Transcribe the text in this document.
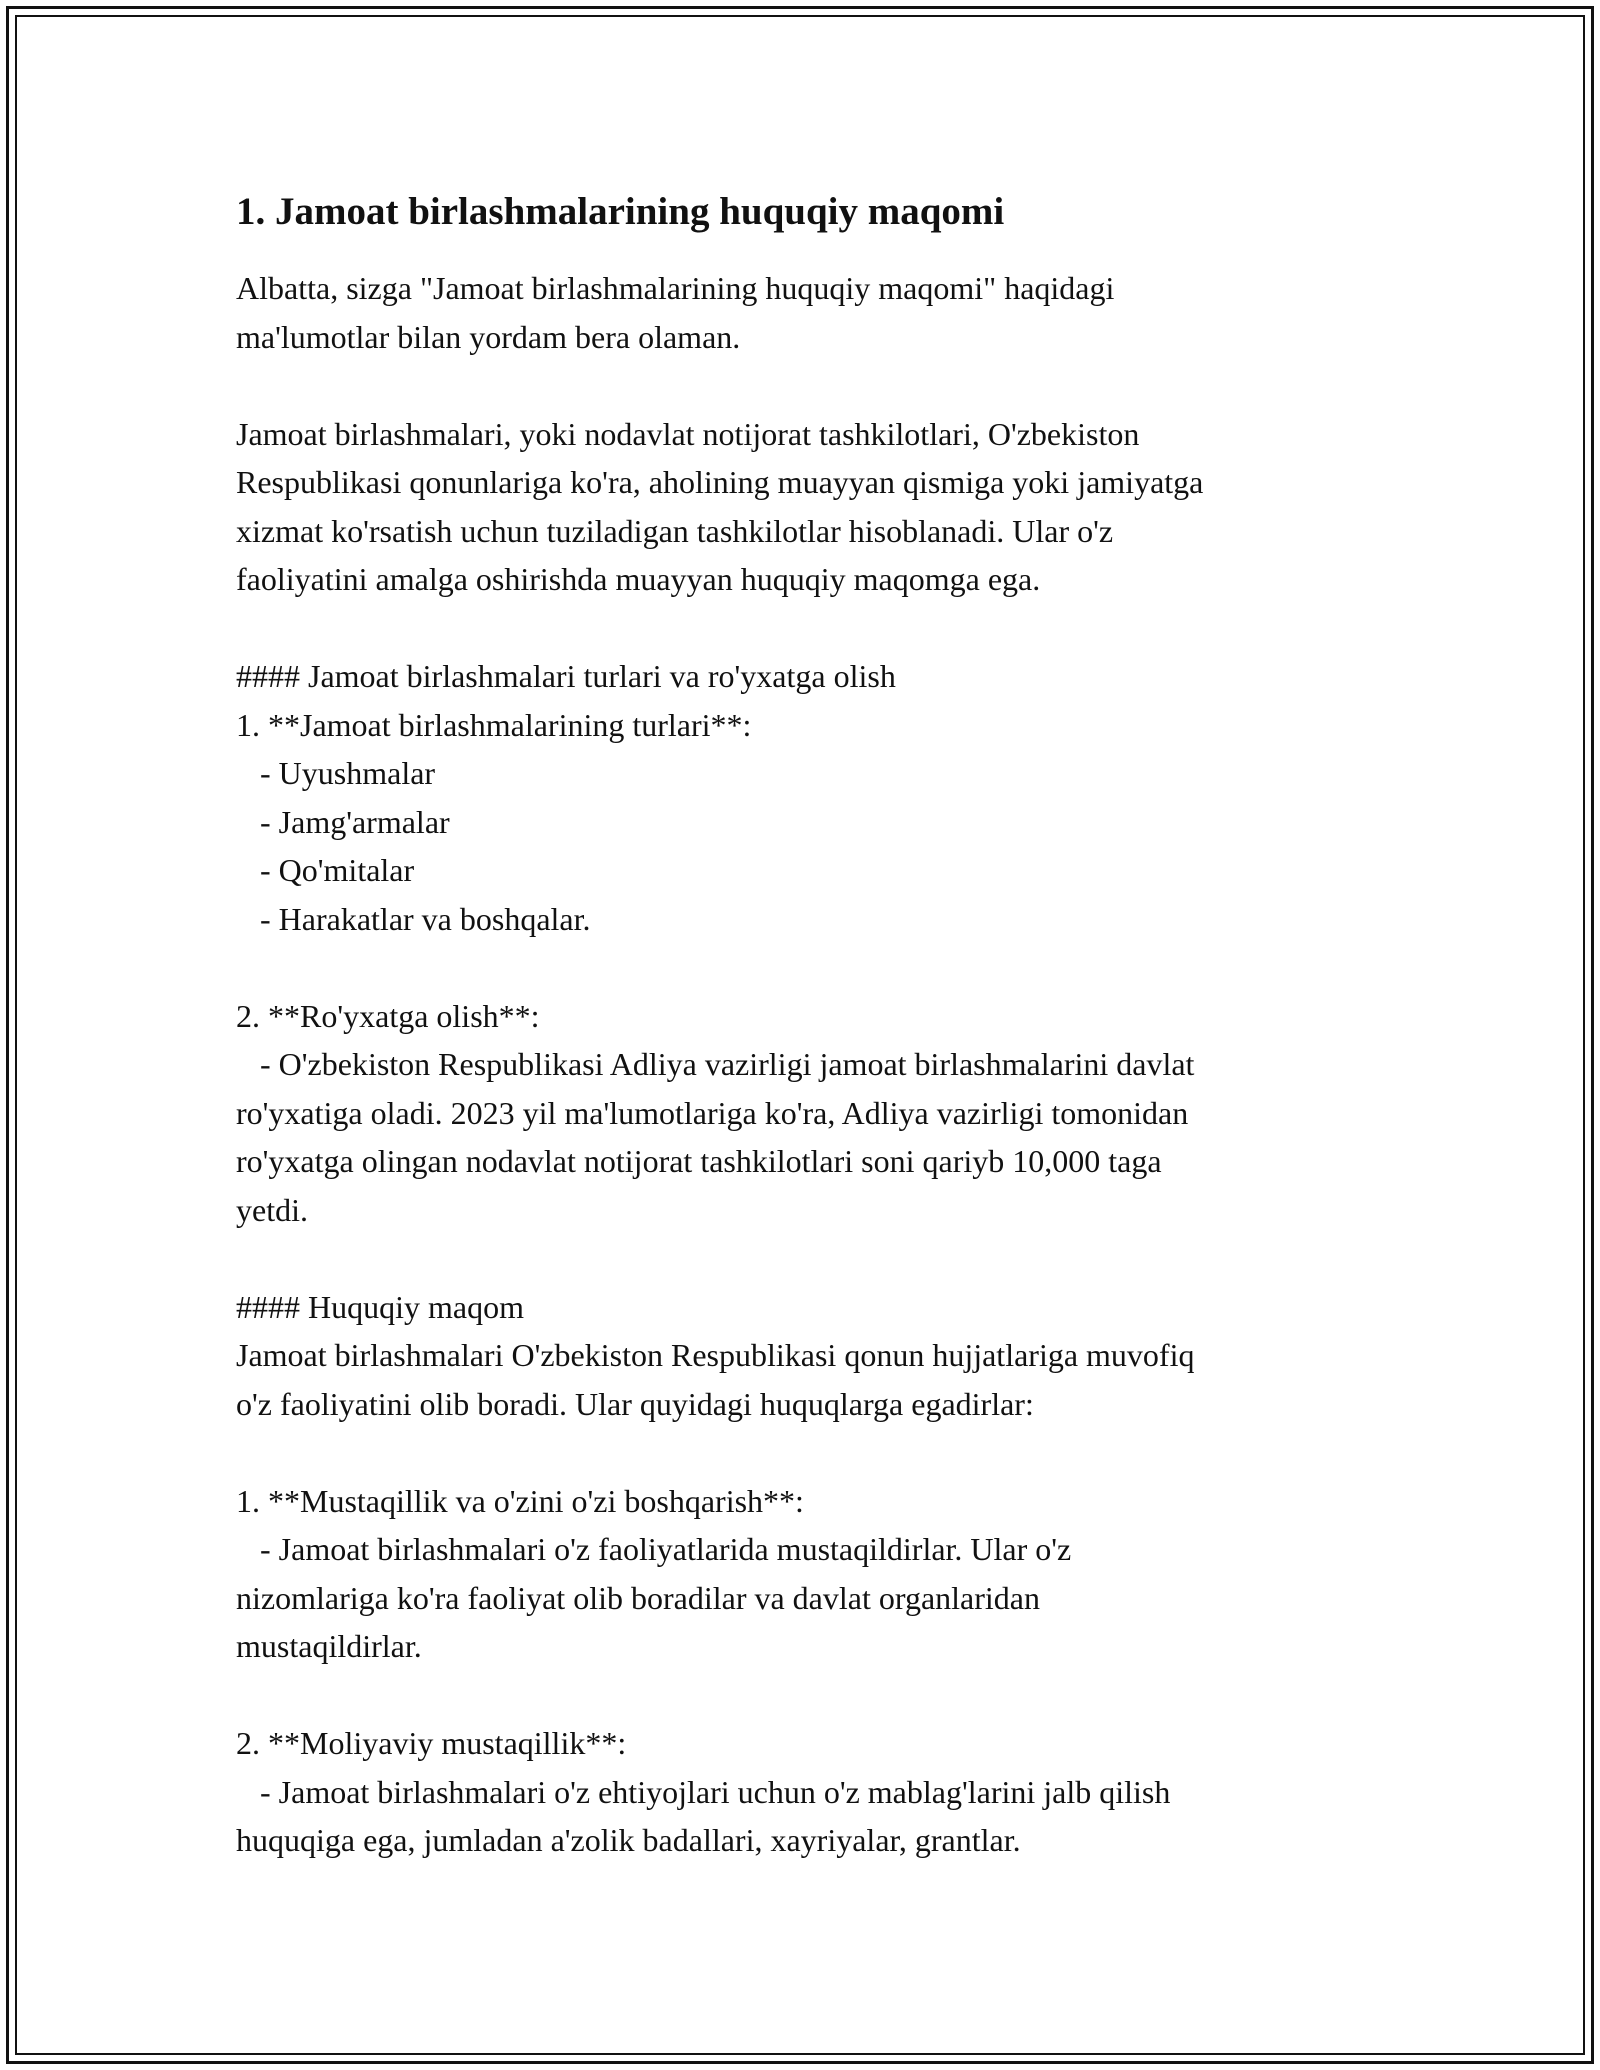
1. Jamoat birlashmalarining huquqiy maqomi
Albatta, sizga "Jamoat birlashmalarining huquqiy maqomi" haqidagi
ma'lumotlar bilan yordam bera olaman.
Jamoat birlashmalari, yoki nodavlat notijorat tashkilotlari, O'zbekiston
Respublikasi qonunlariga ko'ra, aholining muayyan qismiga yoki jamiyatga
xizmat ko'rsatish uchun tuziladigan tashkilotlar hisoblanadi. Ular o'z
faoliyatini amalga oshirishda muayyan huquqiy maqomga ega.
#### Jamoat birlashmalari turlari va ro'yxatga olish
1. **Jamoat birlashmalarining turlari**:
- Uyushmalar
- Jamg'armalar
- Qo'mitalar
- Harakatlar va boshqalar.
2. **Ro'yxatga olish**:
- O'zbekiston Respublikasi Adliya vazirligi jamoat birlashmalarini davlat
ro'yxatiga oladi. 2023 yil ma'lumotlariga ko'ra, Adliya vazirligi tomonidan
ro'yxatga olingan nodavlat notijorat tashkilotlari soni qariyb 10,000 taga
yetdi.
#### Huquqiy maqom
Jamoat birlashmalari O'zbekiston Respublikasi qonun hujjatlariga muvofiq
o'z faoliyatini olib boradi. Ular quyidagi huquqlarga egadirlar:
1. **Mustaqillik va o'zini o'zi boshqarish**:
- Jamoat birlashmalari o'z faoliyatlarida mustaqildirlar. Ular o'z
nizomlariga ko'ra faoliyat olib boradilar va davlat organlaridan
mustaqildirlar.
2. **Moliyaviy mustaqillik**:
- Jamoat birlashmalari o'z ehtiyojlari uchun o'z mablag'larini jalb qilish
huquqiga ega, jumladan a'zolik badallari, xayriyalar, grantlar.
